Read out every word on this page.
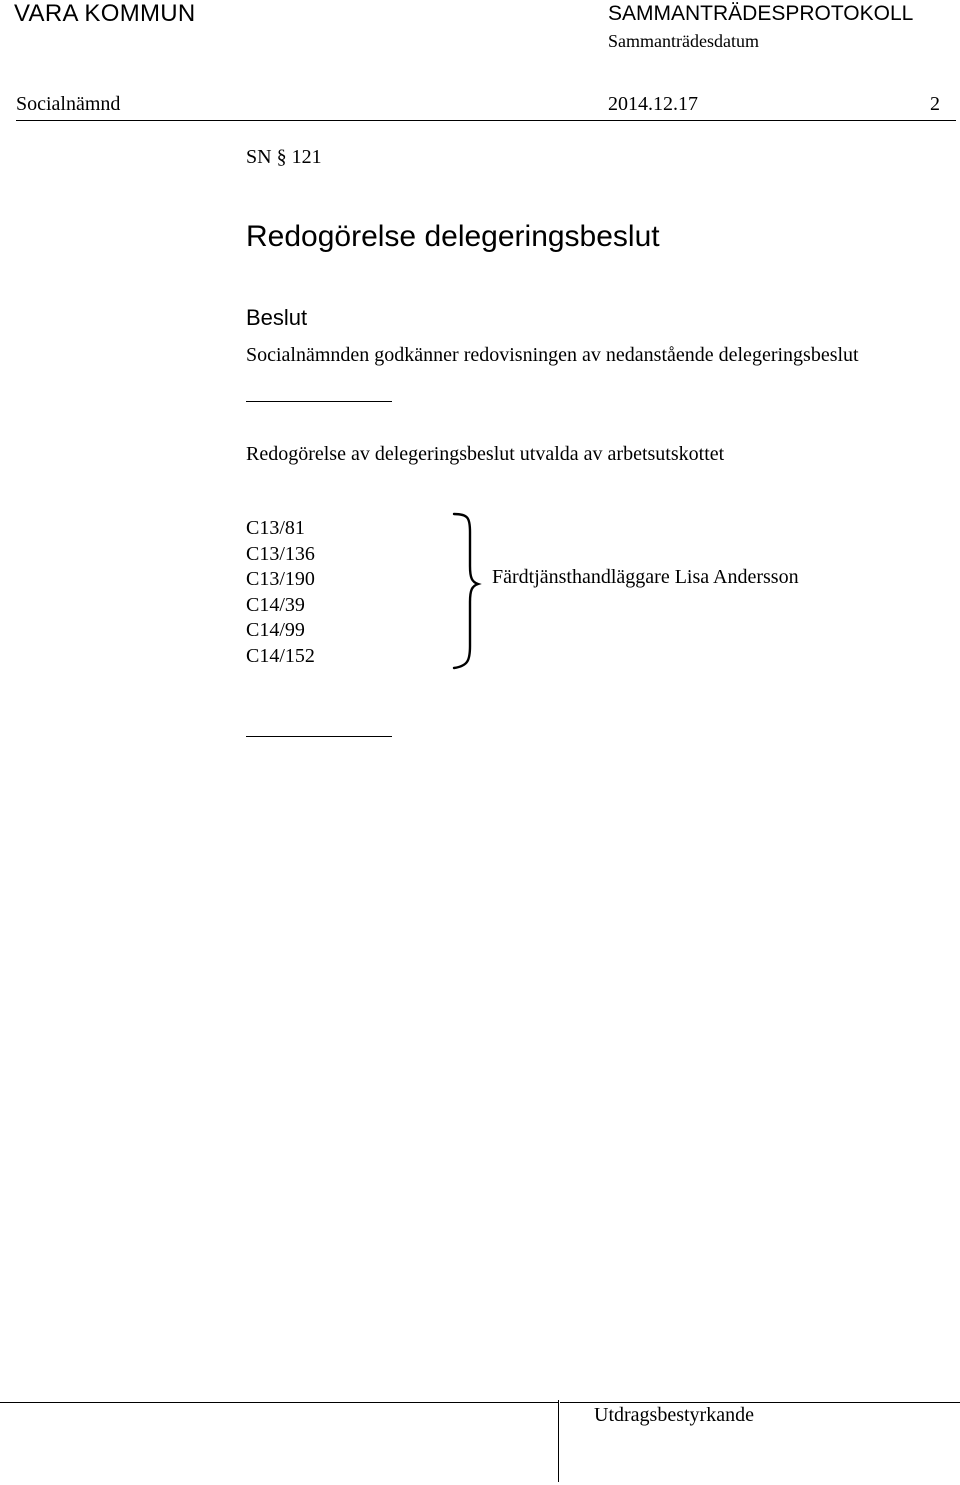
VARA KOMMUN	SAMMANTRÄDESPROTOKOLL
Sammanträdesdatum
Socialnämnd	2014.12.17	2
SN § 121
Redogörelse delegeringsbeslut
Beslut
Socialnämnden godkänner redovisningen av nedanstående delegeringsbeslut
Redogörelse av delegeringsbeslut utvalda av arbetsutskottet
C13/81
C13/136
C13/190
C14/39
C14/99
C14/152
Färdtjänsthandläggare Lisa Andersson
Utdragsbestyrkande
